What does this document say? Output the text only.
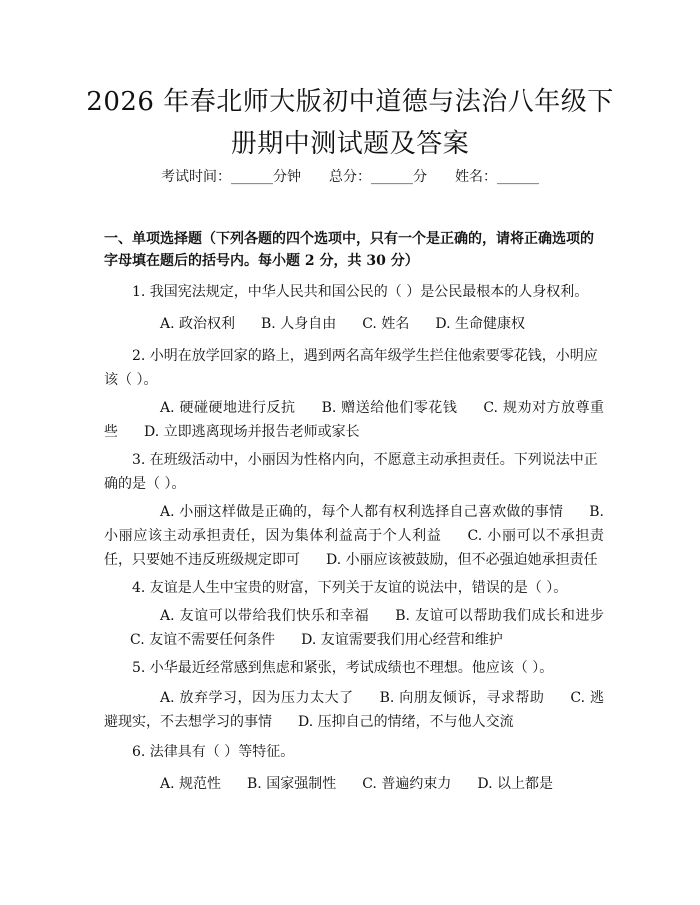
2026 年春北师大版初中道德与法治八年级下
册期中测试题及答案
考试时间：______分钟 总分：______分 姓名：______
一、单项选择题（下列各题的四个选项中，只有一个是正确的，请将正确选项的字母填在题后的括号内。每小题 2 分，共 30 分）
1. 我国宪法规定，中华人民共和国公民的（ ）是公民最根本的人身权利。
A. 政治权利 B. 人身自由 C. 姓名 D. 生命健康权
2. 小明在放学回家的路上，遇到两名高年级学生拦住他索要零花钱，小明应该（ ）。
A. 硬碰硬地进行反抗 B. 赠送给他们零花钱 C. 规劝对方放尊重些 D. 立即逃离现场并报告老师或家长
3. 在班级活动中，小丽因为性格内向，不愿意主动承担责任。下列说法中正确的是（ ）。
A. 小丽这样做是正确的，每个人都有权利选择自己喜欢做的事情 B. 小丽应该主动承担责任，因为集体利益高于个人利益 C. 小丽可以不承担责任，只要她不违反班级规定即可 D. 小丽应该被鼓励，但不必强迫她承担责任
4. 友谊是人生中宝贵的财富，下列关于友谊的说法中，错误的是（ ）。
A. 友谊可以带给我们快乐和幸福 B. 友谊可以帮助我们成长和进步C. 友谊不需要任何条件 D. 友谊需要我们用心经营和维护
5. 小华最近经常感到焦虑和紧张，考试成绩也不理想。他应该（ ）。
A. 放弃学习，因为压力太大了 B. 向朋友倾诉，寻求帮助 C. 逃避现实，不去想学习的事情 D. 压抑自己的情绪，不与他人交流
6. 法律具有（ ）等特征。
A. 规范性 B. 国家强制性 C. 普遍约束力 D. 以上都是
